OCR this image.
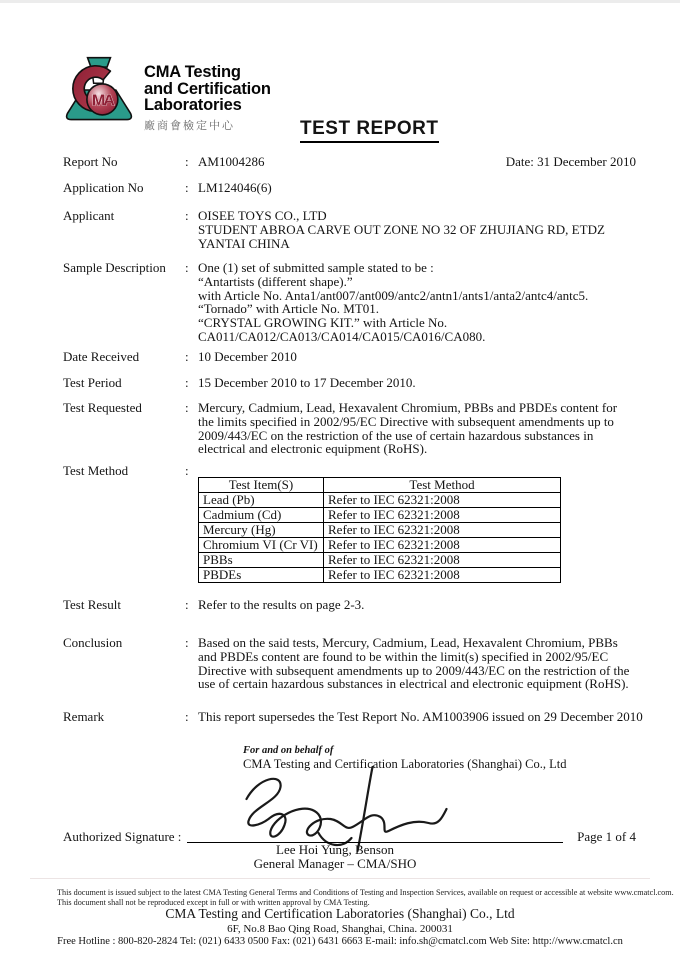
MA
CMA Testing
and Certification
Laboratories
廠商會檢定中心	TEST REPORT
Report No	: AM1004286	Date: 31 December 2010
Application No	: LM124046(6)
Applicant	: OISEE TOYS CO., LTD
STUDENT ABROA CARVE OUT ZONE NO 32 OF ZHUJIANG RD, ETDZ
YANTAI CHINA
Sample Description	: One (1) set of submitted sample stated to be :
“Antartists (different shape).”
with Article No. Anta1/ant007/ant009/antc2/antn1/ants1/anta2/antc4/antc5.
“Tornado” with Article No. MT01.
“CRYSTAL GROWING KIT.” with Article No.
CA011/CA012/CA013/CA014/CA015/CA016/CA080.
Date Received	: 10 December 2010
Test Period	: 15 December 2010 to 17 December 2010.
Test Requested	: Mercury, Cadmium, Lead, Hexavalent Chromium, PBBs and PBDEs content for the limits specified in 2002/95/EC Directive with subsequent amendments up to 2009/443/EC on the restriction of the use of certain hazardous substances in electrical and electronic equipment (RoHS).
Test Method	:
Test Item(S)	Test Method
Lead (Pb)	Refer to IEC 62321:2008
Cadmium (Cd)	Refer to IEC 62321:2008
Mercury (Hg)	Refer to IEC 62321:2008
Chromium VI (Cr VI)	Refer to IEC 62321:2008
PBBs	Refer to IEC 62321:2008
PBDEs	Refer to IEC 62321:2008
Test Result	: Refer to the results on page 2-3.
Conclusion	: Based on the said tests, Mercury, Cadmium, Lead, Hexavalent Chromium, PBBs and PBDEs content are found to be within the limit(s) specified in 2002/95/EC Directive with subsequent amendments up to 2009/443/EC on the restriction of the use of certain hazardous substances in electrical and electronic equipment (RoHS).
Remark	: This report supersedes the Test Report No. AM1003906 issued on 29 December 2010
For and on behalf of
CMA Testing and Certification Laboratories (Shanghai) Co., Ltd
Authorized Signature :	Page 1 of 4
Lee Hoi Yung, Benson
General Manager – CMA/SHO
This document is issued subject to the latest CMA Testing General Terms and Conditions of Testing and Inspection Services, available on request or accessible at website www.cmatcl.com.
This document shall not be reproduced except in full or with written approval by CMA Testing.
CMA Testing and Certification Laboratories (Shanghai) Co., Ltd
6F, No.8 Bao Qing Road, Shanghai, China. 200031
Free Hotline : 800-820-2824 Tel: (021) 6433 0500 Fax: (021) 6431 6663 E-mail: info.sh@cmatcl.com Web Site: http://www.cmatcl.cn
